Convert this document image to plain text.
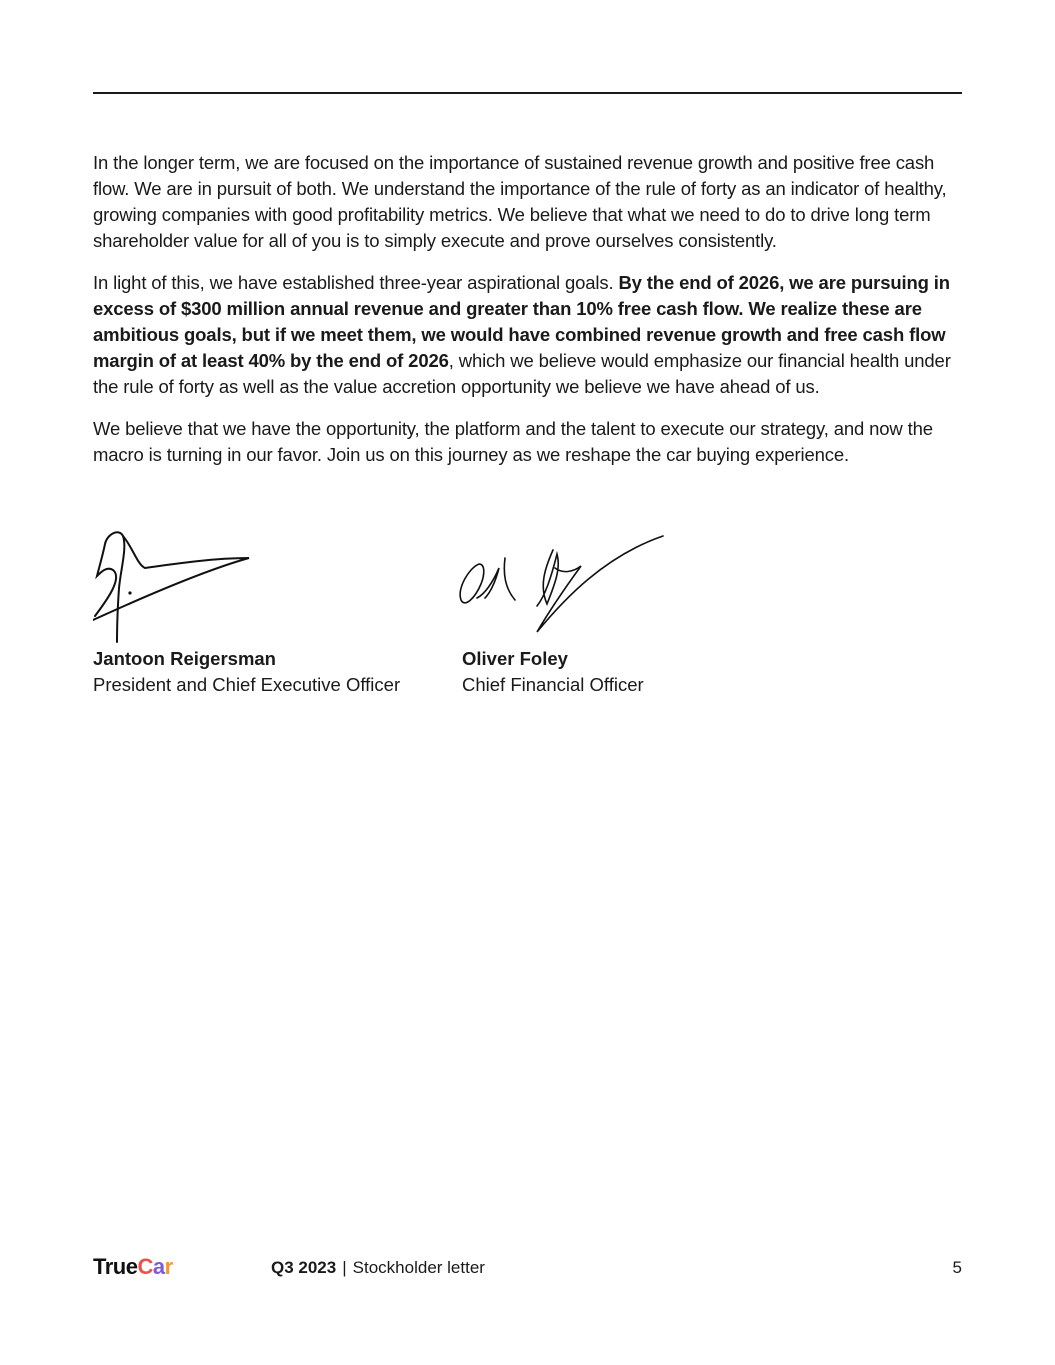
In the longer term, we are focused on the importance of sustained revenue growth and positive free cash flow. We are in pursuit of both. We understand the importance of the rule of forty as an indicator of healthy, growing companies with good profitability metrics. We believe that what we need to do to drive long term shareholder value for all of you is to simply execute and prove ourselves consistently.

In light of this, we have established three-year aspirational goals. By the end of 2026, we are pursuing in excess of $300 million annual revenue and greater than 10% free cash flow. We realize these are ambitious goals, but if we meet them, we would have combined revenue growth and free cash flow margin of at least 40% by the end of 2026, which we believe would emphasize our financial health under the rule of forty as well as the value accretion opportunity we believe we have ahead of us.

We believe that we have the opportunity, the platform and the talent to execute our strategy, and now the macro is turning in our favor. Join us on this journey as we reshape the car buying experience.

Jantoon Reigersman
President and Chief Executive Officer
Oliver Foley
Chief Financial Officer
TrueCar	Q3 2023 | Stockholder letter	5
